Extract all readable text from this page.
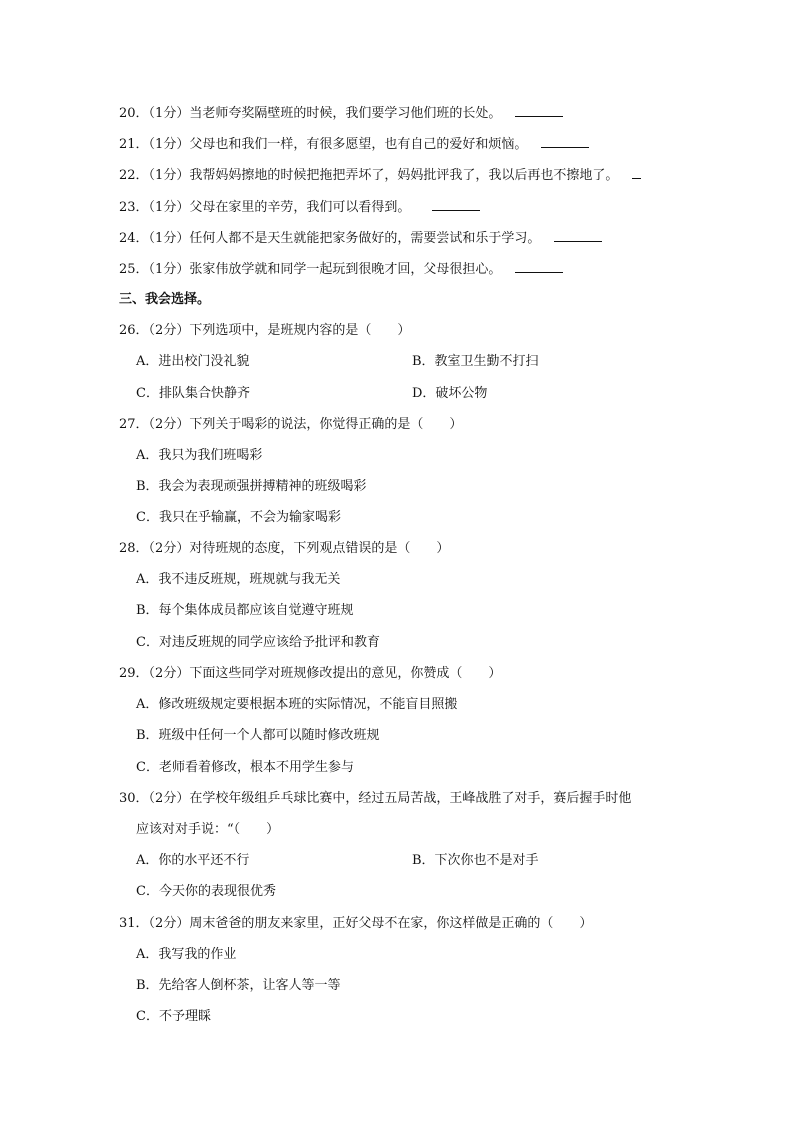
20．（1分）当老师夸奖隔壁班的时候，我们要学习他们班的长处。
21．（1分）父母也和我们一样，有很多愿望，也有自己的爱好和烦恼。
22．（1分）我帮妈妈擦地的时候把拖把弄坏了，妈妈批评我了，我以后再也不擦地了。
23．（1分）父母在家里的辛劳，我们可以看得到。
24．（1分）任何人都不是天生就能把家务做好的，需要尝试和乐于学习。
25．（1分）张家伟放学就和同学一起玩到很晚才回，父母很担心。
三、我会选择。
26．（2分）下列选项中，是班规内容的是（　　）
A．进出校门没礼貌	B．教室卫生勤不打扫
C．排队集合快静齐	D．破坏公物
27．（2分）下列关于喝彩的说法，你觉得正确的是（　　）
A．我只为我们班喝彩
B．我会为表现顽强拼搏精神的班级喝彩
C．我只在乎输赢，不会为输家喝彩
28．（2分）对待班规的态度，下列观点错误的是（　　）
A．我不违反班规，班规就与我无关
B．每个集体成员都应该自觉遵守班规
C．对违反班规的同学应该给予批评和教育
29．（2分）下面这些同学对班规修改提出的意见，你赞成（　　）
A．修改班级规定要根据本班的实际情况，不能盲目照搬
B．班级中任何一个人都可以随时修改班规
C．老师看着修改，根本不用学生参与
30．（2分）在学校年级组乒乓球比赛中，经过五局苦战，王峰战胜了对手，赛后握手时他
应该对对手说：“（　　）
A．你的水平还不行	B．下次你也不是对手
C．今天你的表现很优秀
31．（2分）周末爸爸的朋友来家里，正好父母不在家，你这样做是正确的（　　）
A．我写我的作业
B．先给客人倒杯茶，让客人等一等
C．不予理睬
